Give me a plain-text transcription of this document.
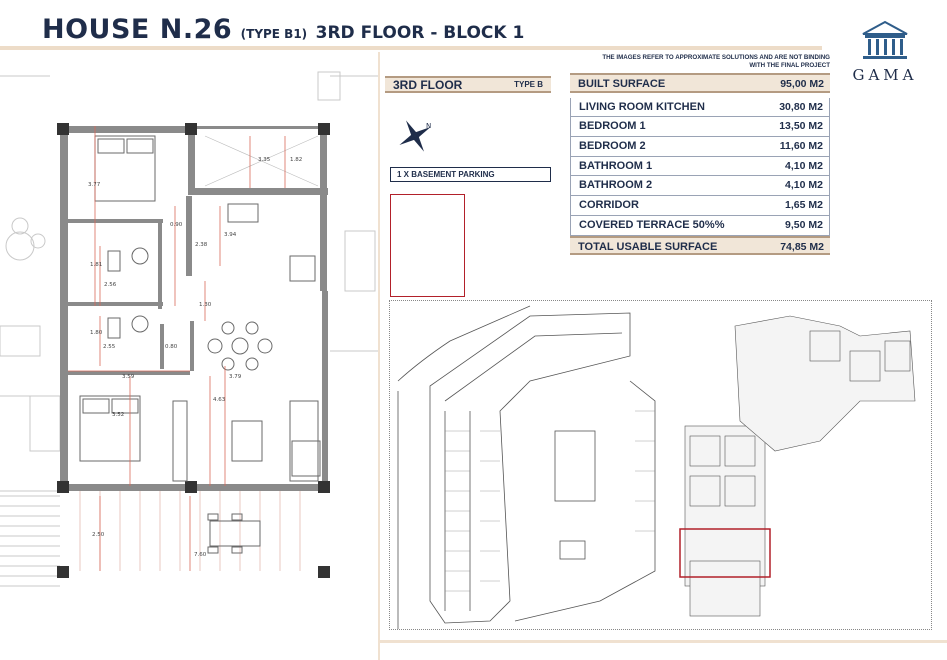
HOUSE N.26 (TYPE B1) 3RD FLOOR - BLOCK 1
GAMA
THE IMAGES REFER TO APPROXIMATE SOLUTIONS AND ARE NOT BINDING WITH THE FINAL PROJECT
3RD FLOOR	TYPE B
N
1 X BASEMENT PARKING
BUILT SURFACE	95,00 M2
LIVING ROOM KITCHEN	30,80 M2
BEDROOM 1	13,50 M2
BEDROOM 2	11,60 M2
BATHROOM 1	4,10 M2
BATHROOM 2	4,10 M2
CORRIDOR	1,65 M2
COVERED TERRACE 50%%	9,50 M2
TOTAL USABLE SURFACE	74,85 M2
3.35	1.82
3.77
0.90
3.94
2.38
1.81
2.56
1.30
1.80
2.55	0.80
3.59	3.79
3.52
4.63
2.50
7.60
